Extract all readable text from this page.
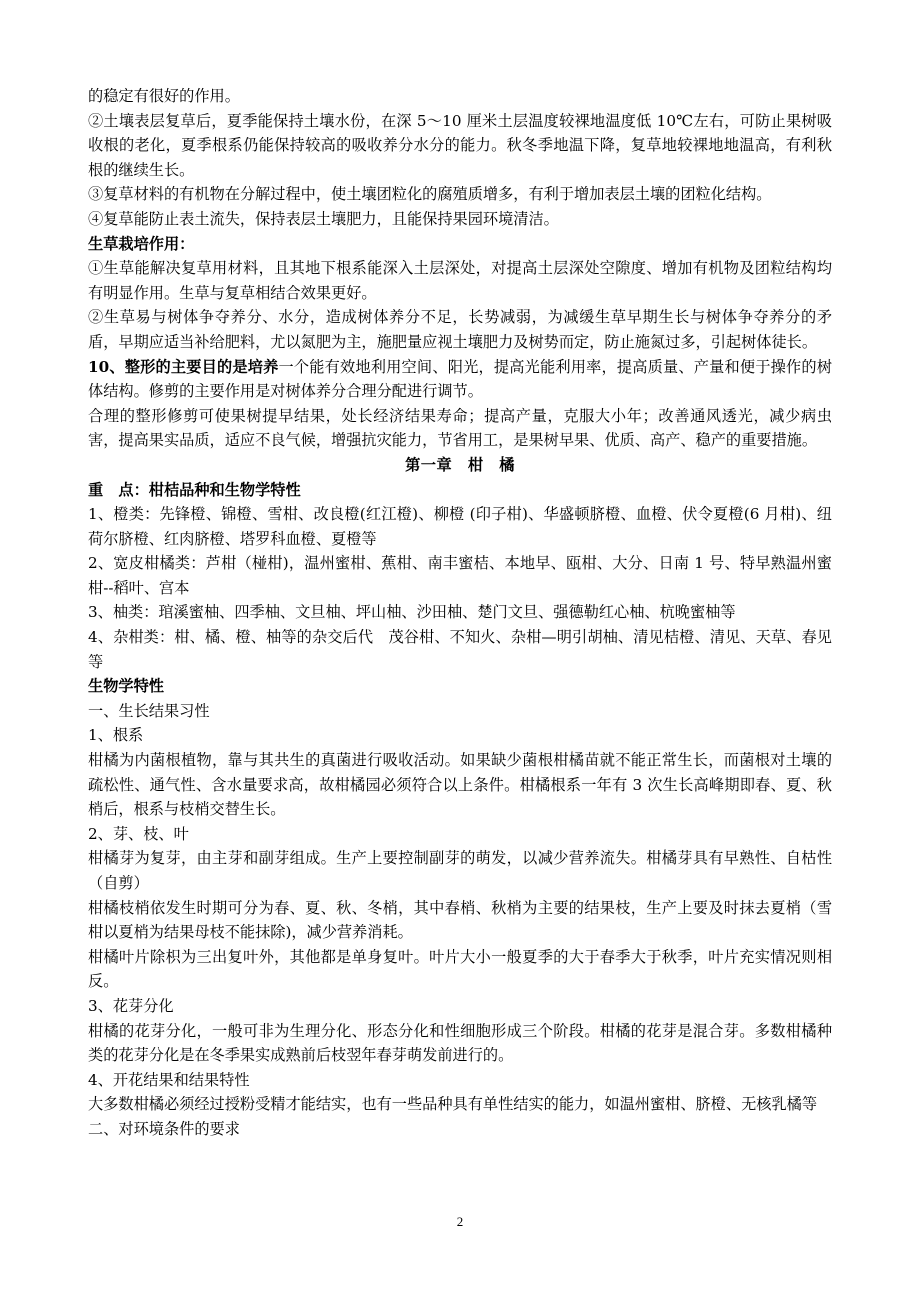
的稳定有很好的作用。

②土壤表层复草后，夏季能保持土壤水份，在深 5～10 厘米土层温度较裸地温度低 10℃左右，可防止果树吸收根的老化，夏季根系仍能保持较高的吸收养分水分的能力。秋冬季地温下降，复草地较裸地地温高，有利秋根的继续生长。

③复草材料的有机物在分解过程中，使土壤团粒化的腐殖质增多，有利于增加表层土壤的团粒化结构。

④复草能防止表土流失，保持表层土壤肥力，且能保持果园环境清洁。

生草栽培作用：

①生草能解决复草用材料，且其地下根系能深入土层深处，对提高土层深处空隙度、增加有机物及团粒结构均有明显作用。生草与复草相结合效果更好。

②生草易与树体争夺养分、水分，造成树体养分不足，长势减弱，为减缓生草早期生长与树体争夺养分的矛盾，早期应适当补给肥料，尤以氮肥为主，施肥量应视土壤肥力及树势而定，防止施氮过多，引起树体徒长。

10、整形的主要目的是培养一个能有效地利用空间、阳光，提高光能利用率，提高质量、产量和便于操作的树体结构。修剪的主要作用是对树体养分合理分配进行调节。

合理的整形修剪可使果树提早结果，处长经济结果寿命；提高产量，克服大小年；改善通风透光，减少病虫害，提高果实品质，适应不良气候，增强抗灾能力，节省用工，是果树早果、优质、高产、稳产的重要措施。

第一章　柑　橘

重　点：柑桔品种和生物学特性

1、橙类：先锋橙、锦橙、雪柑、改良橙(红江橙)、柳橙 (印子柑)、华盛顿脐橙、血橙、伏令夏橙(6 月柑)、纽荷尔脐橙、红肉脐橙、塔罗科血橙、夏橙等

2、宽皮柑橘类：芦柑（椪柑)，温州蜜柑、蕉柑、南丰蜜桔、本地早、瓯柑、大分、日南 1 号、特早熟温州蜜柑--稻叶、宫本

3、柚类：琯溪蜜柚、四季柚、文旦柚、坪山柚、沙田柚、楚门文旦、强德勒红心柚、杭晚蜜柚等

4、杂柑类：柑、橘、橙、柚等的杂交后代　茂谷柑、不知火、杂柑—明引胡柚、清见桔橙、清见、天草、春见等

生物学特性

一、生长结果习性

1、根系

柑橘为内菌根植物，靠与其共生的真菌进行吸收活动。如果缺少菌根柑橘苗就不能正常生长，而菌根对土壤的疏松性、通气性、含水量要求高，故柑橘园必须符合以上条件。柑橘根系一年有 3 次生长高峰期即春、夏、秋梢后，根系与枝梢交替生长。

2、芽、枝、叶

柑橘芽为复芽，由主芽和副芽组成。生产上要控制副芽的萌发，以减少营养流失。柑橘芽具有早熟性、自枯性（自剪）

柑橘枝梢依发生时期可分为春、夏、秋、冬梢，其中春梢、秋梢为主要的结果枝，生产上要及时抹去夏梢（雪柑以夏梢为结果母枝不能抹除)，减少营养消耗。

柑橘叶片除枳为三出复叶外，其他都是单身复叶。叶片大小一般夏季的大于春季大于秋季，叶片充实情况则相反。

3、花芽分化

柑橘的花芽分化，一般可非为生理分化、形态分化和性细胞形成三个阶段。柑橘的花芽是混合芽。多数柑橘种类的花芽分化是在冬季果实成熟前后枝翌年春芽萌发前进行的。

4、开花结果和结果特性

大多数柑橘必须经过授粉受精才能结实，也有一些品种具有单性结实的能力，如温州蜜柑、脐橙、无核乳橘等

二、对环境条件的要求

2
